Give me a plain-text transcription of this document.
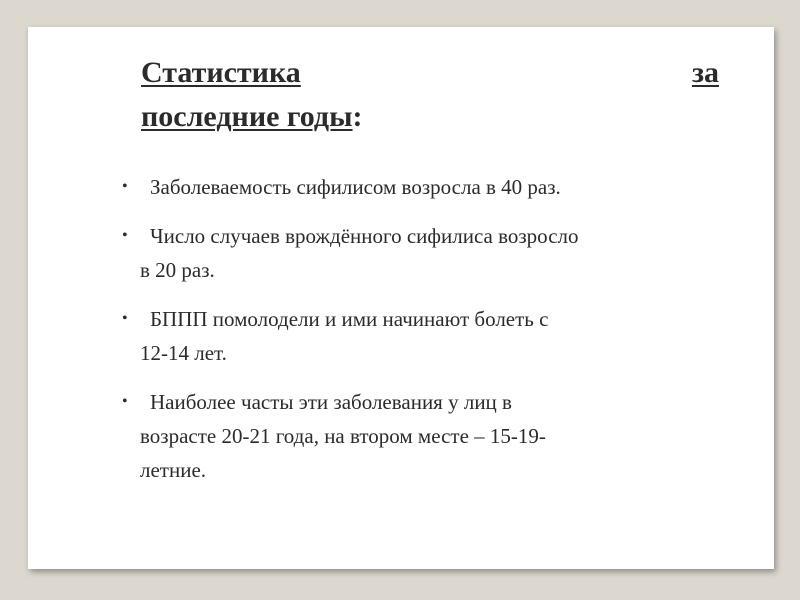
Статистика	за
последние годы:
• Заболеваемость сифилисом возросла в 40 раз.
• Число случаев врождённого сифилиса возросло
в 20 раз.
• БППП помолодели и ими начинают болеть с
12-14 лет.
• Наиболее часты эти заболевания у лиц в
возрасте 20-21 года, на втором месте – 15-19-
летние.
